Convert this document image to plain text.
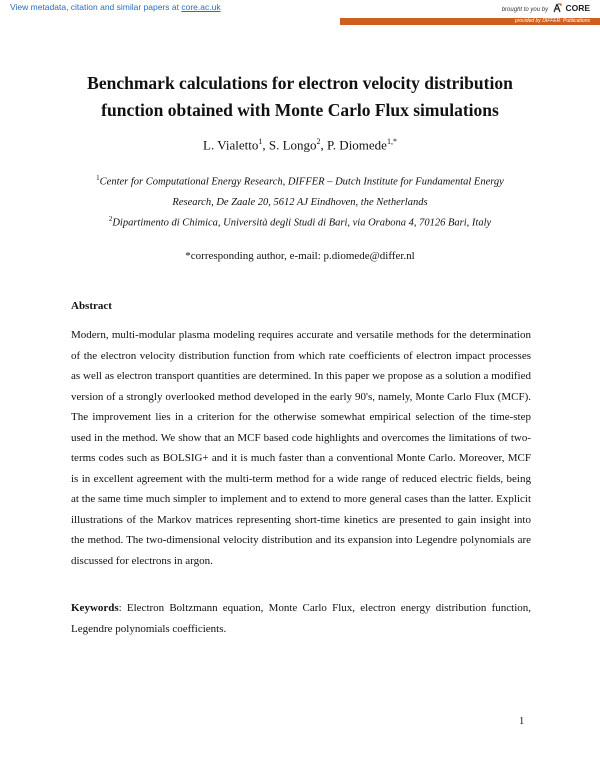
View metadata, citation and similar papers at core.ac.uk	brought to you by CORE
provided by DIFFER: Publications
Benchmark calculations for electron velocity distribution
function obtained with Monte Carlo Flux simulations
L. Vialetto$^1$, S. Longo$^2$, P. Diomede$^{1,*}$
$^1$Center for Computational Energy Research, DIFFER – Dutch Institute for Fundamental Energy
Research, De Zaale 20, 5612 AJ Eindhoven, the Netherlands
$^2$Dipartimento di Chimica, Università degli Studi di Bari, via Orabona 4, 70126 Bari, Italy
*corresponding author, e-mail: p.diomede@differ.nl
Abstract
Modern, multi-modular plasma modeling requires accurate and versatile methods for the determination of the electron velocity distribution function from which rate coefficients of electron impact processes as well as electron transport quantities are determined. In this paper we propose as a solution a modified version of a strongly overlooked method developed in the early 90's, namely, Monte Carlo Flux (MCF). The improvement lies in a criterion for the otherwise somewhat empirical selection of the time-step used in the method. We show that an MCF based code highlights and overcomes the limitations of two-terms codes such as BOLSIG+ and it is much faster than a conventional Monte Carlo. Moreover, MCF is in excellent agreement with the multi-term method for a wide range of reduced electric fields, being at the same time much simpler to implement and to extend to more general cases than the latter. Explicit illustrations of the Markov matrices representing short-time kinetics are presented to gain insight into the method. The two-dimensional velocity distribution and its expansion into Legendre polynomials are discussed for electrons in argon.
Keywords: Electron Boltzmann equation, Monte Carlo Flux, electron energy distribution function, Legendre polynomials coefficients.
1
